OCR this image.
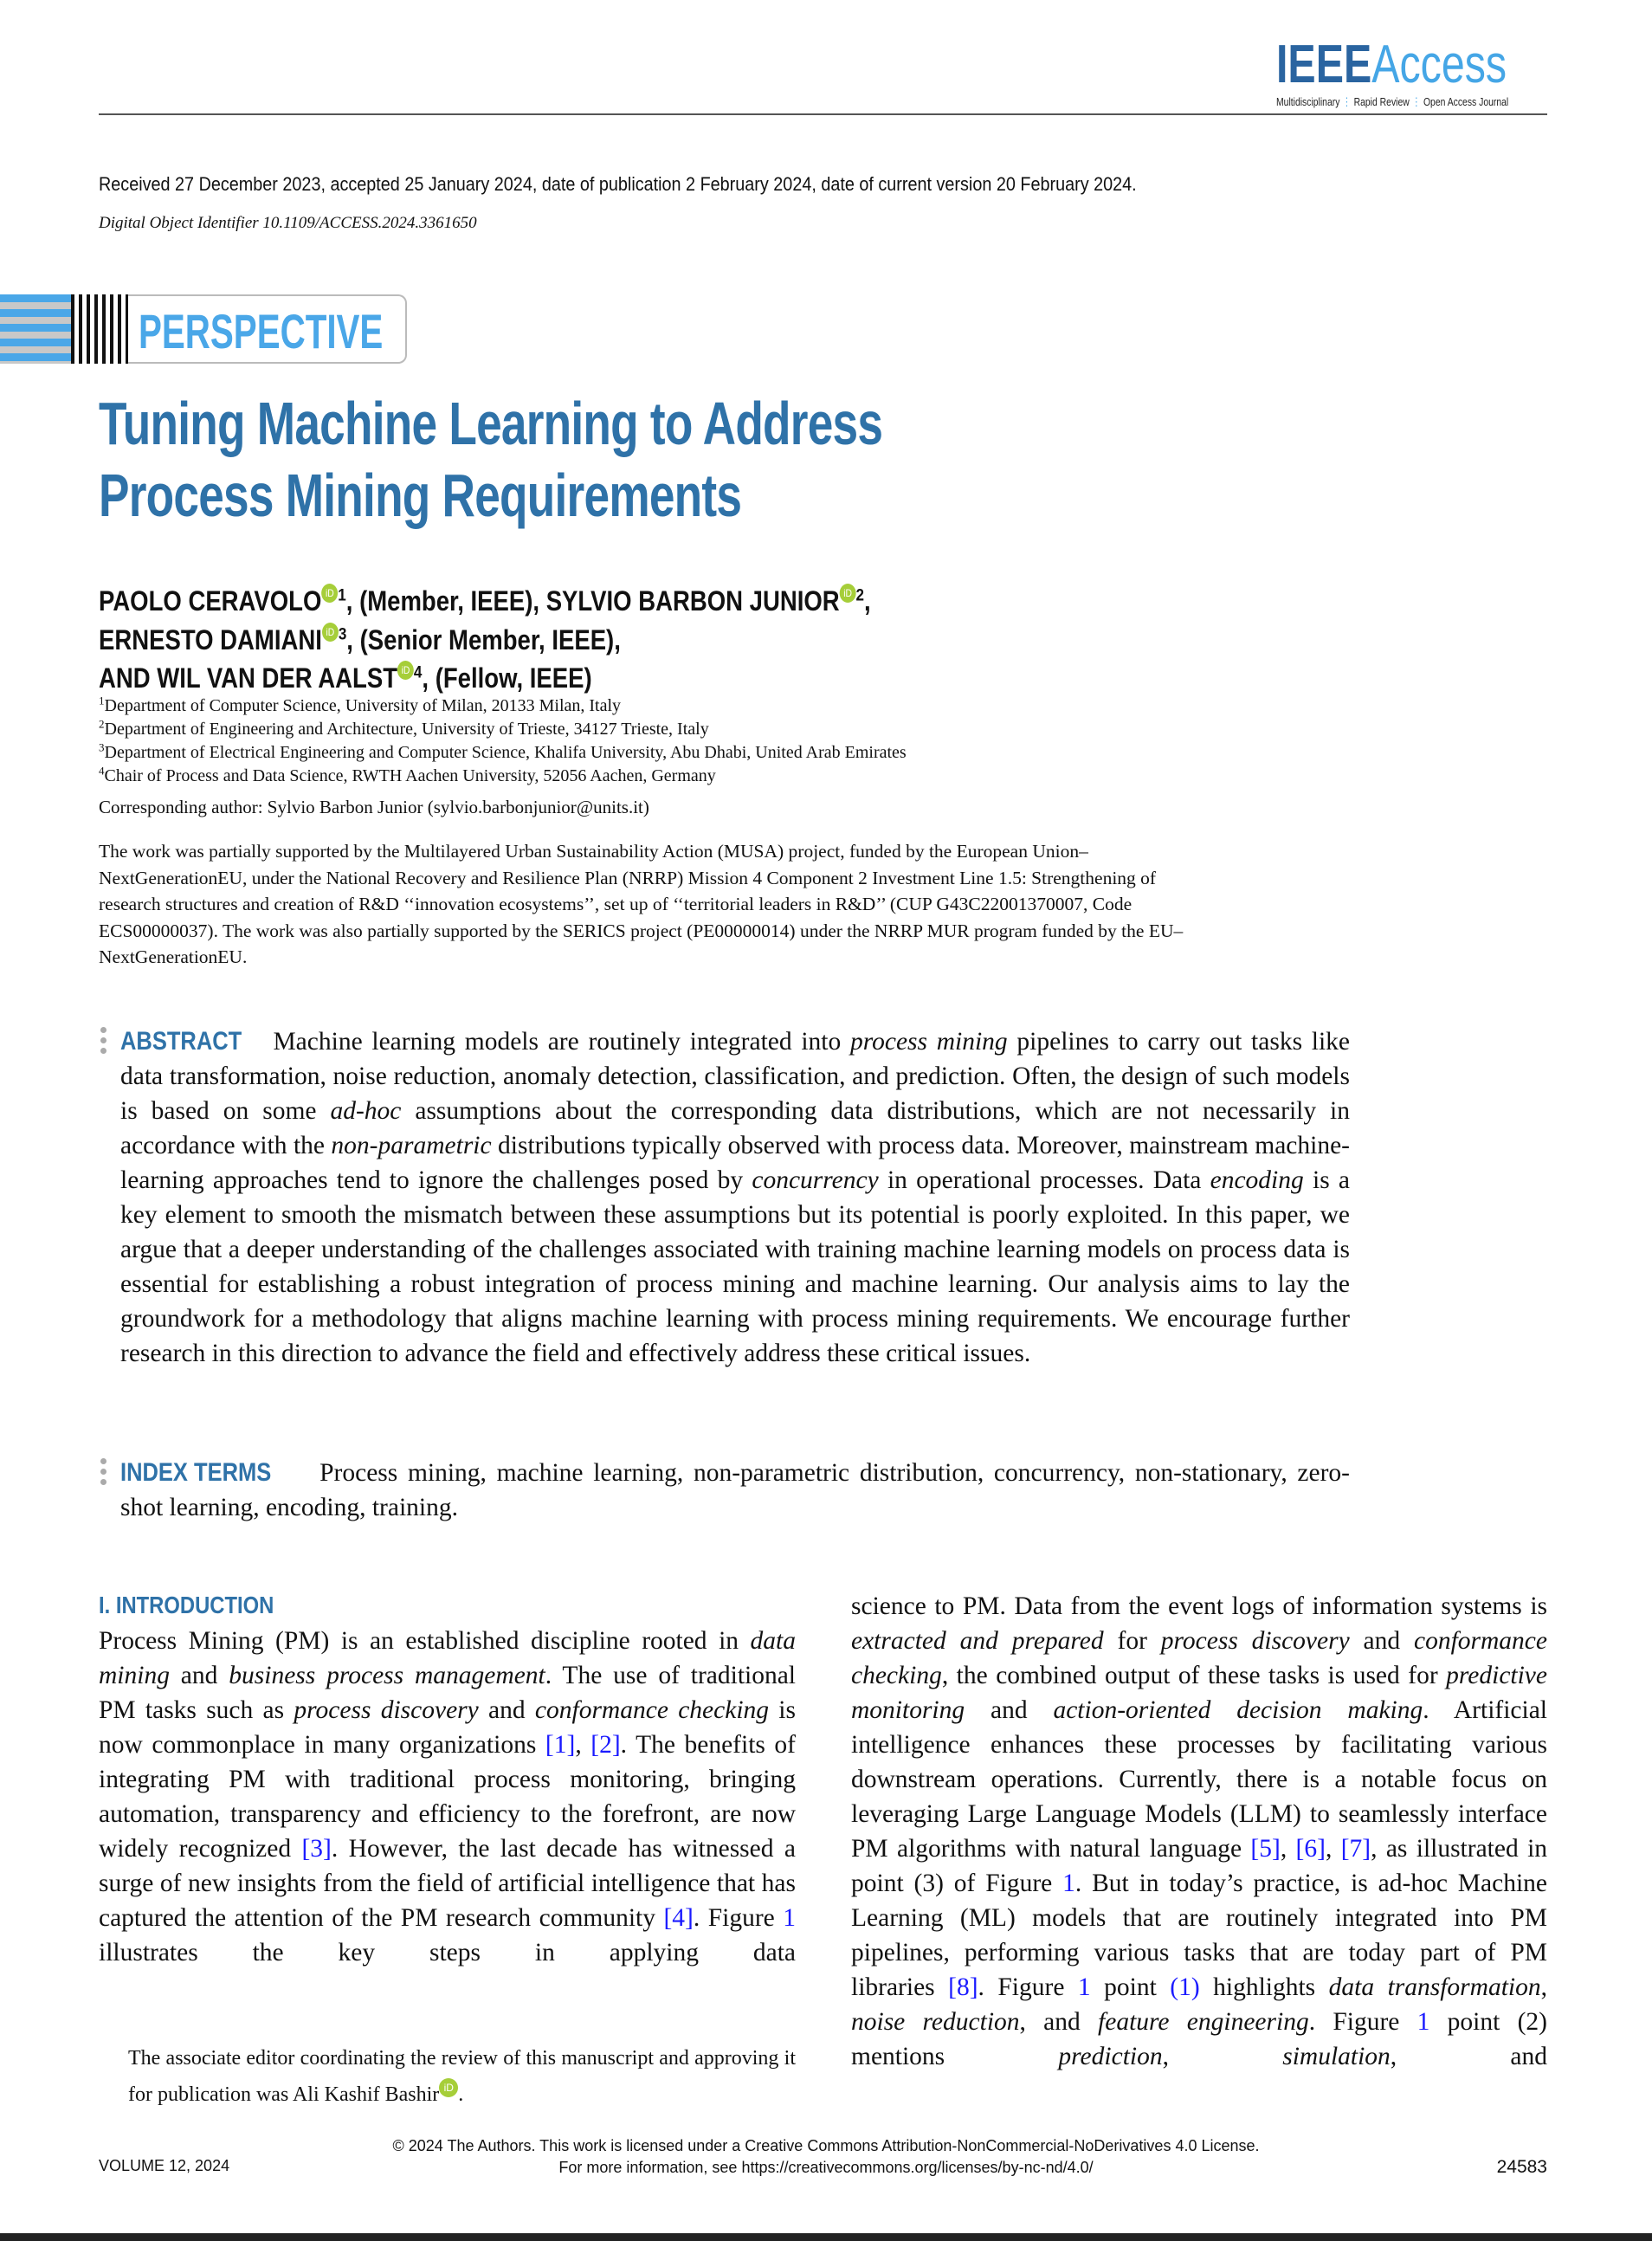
IEEEAccess
Multidisciplinary ⋮ Rapid Review ⋮ Open Access Journal
Received 27 December 2023, accepted 25 January 2024, date of publication 2 February 2024, date of current version 20 February 2024.
Digital Object Identifier 10.1109/ACCESS.2024.3361650
PERSPECTIVE
Tuning Machine Learning to Address
Process Mining Requirements
PAOLO CERAVOLO iD $^1$, (Member, IEEE), SYLVIO BARBON JUNIOR iD $^2$,
ERNESTO DAMIANI iD $^3$, (Senior Member, IEEE),
AND WIL VAN DER AALST iD $^4$, (Fellow, IEEE)
$^1$Department of Computer Science, University of Milan, 20133 Milan, Italy
$^2$Department of Engineering and Architecture, University of Trieste, 34127 Trieste, Italy
$^3$Department of Electrical Engineering and Computer Science, Khalifa University, Abu Dhabi, United Arab Emirates
$^4$Chair of Process and Data Science, RWTH Aachen University, 52056 Aachen, Germany
Corresponding author: Sylvio Barbon Junior (sylvio.barbonjunior@units.it)
The work was partially supported by the Multilayered Urban Sustainability Action (MUSA) project, funded by the European Union–NextGenerationEU, under the National Recovery and Resilience Plan (NRRP) Mission 4 Component 2 Investment Line 1.5: Strengthening of research structures and creation of R&D ‘‘innovation ecosystems’’, set up of ‘‘territorial leaders in R&D’’ (CUP G43C22001370007, Code ECS00000037). The work was also partially supported by the SERICS project (PE00000014) under the NRRP MUR program funded by the EU–NextGenerationEU.
ABSTRACT Machine learning models are routinely integrated into process mining pipelines to carry out tasks like data transformation, noise reduction, anomaly detection, classification, and prediction. Often, the design of such models is based on some ad-hoc assumptions about the corresponding data distributions, which are not necessarily in accordance with the non-parametric distributions typically observed with process data. Moreover, mainstream machine-learning approaches tend to ignore the challenges posed by concurrency in operational processes. Data encoding is a key element to smooth the mismatch between these assumptions but its potential is poorly exploited. In this paper, we argue that a deeper understanding of the challenges associated with training machine learning models on process data is essential for establishing a robust integration of process mining and machine learning. Our analysis aims to lay the groundwork for a methodology that aligns machine learning with process mining requirements. We encourage further research in this direction to advance the field and effectively address these critical issues.
INDEX TERMS Process mining, machine learning, non-parametric distribution, concurrency, non-stationary, zero-shot learning, encoding, training.
I. INTRODUCTION
Process Mining (PM) is an established discipline rooted in data mining and business process management. The use of traditional PM tasks such as process discovery and conformance checking is now commonplace in many organizations [1], [2]. The benefits of integrating PM with traditional process monitoring, bringing automation, transparency and efficiency to the forefront, are now widely recognized [3]. However, the last decade has witnessed a surge of new insights from the field of artificial intelligence that has captured the attention of the PM research community [4]. Figure 1 illustrates the key steps in applying data
science to PM. Data from the event logs of information systems is extracted and prepared for process discovery and conformance checking, the combined output of these tasks is used for predictive monitoring and action-oriented decision making. Artificial intelligence enhances these processes by facilitating various downstream operations. Currently, there is a notable focus on leveraging Large Language Models (LLM) to seamlessly interface PM algorithms with natural language [5], [6], [7], as illustrated in point (3) of Figure 1. But in today’s practice, is ad-hoc Machine Learning (ML) models that are routinely integrated into PM pipelines, performing various tasks that are today part of PM libraries [8]. Figure 1 point (1) highlights data transformation, noise reduction, and feature engineering. Figure 1 point (2) mentions prediction, simulation, and
The associate editor coordinating the review of this manuscript and approving it for publication was Ali Kashif Bashir iD .
© 2024 The Authors. This work is licensed under a Creative Commons Attribution-NonCommercial-NoDerivatives 4.0 License.
For more information, see https://creativecommons.org/licenses/by-nc-nd/4.0/
VOLUME 12, 2024	24583
